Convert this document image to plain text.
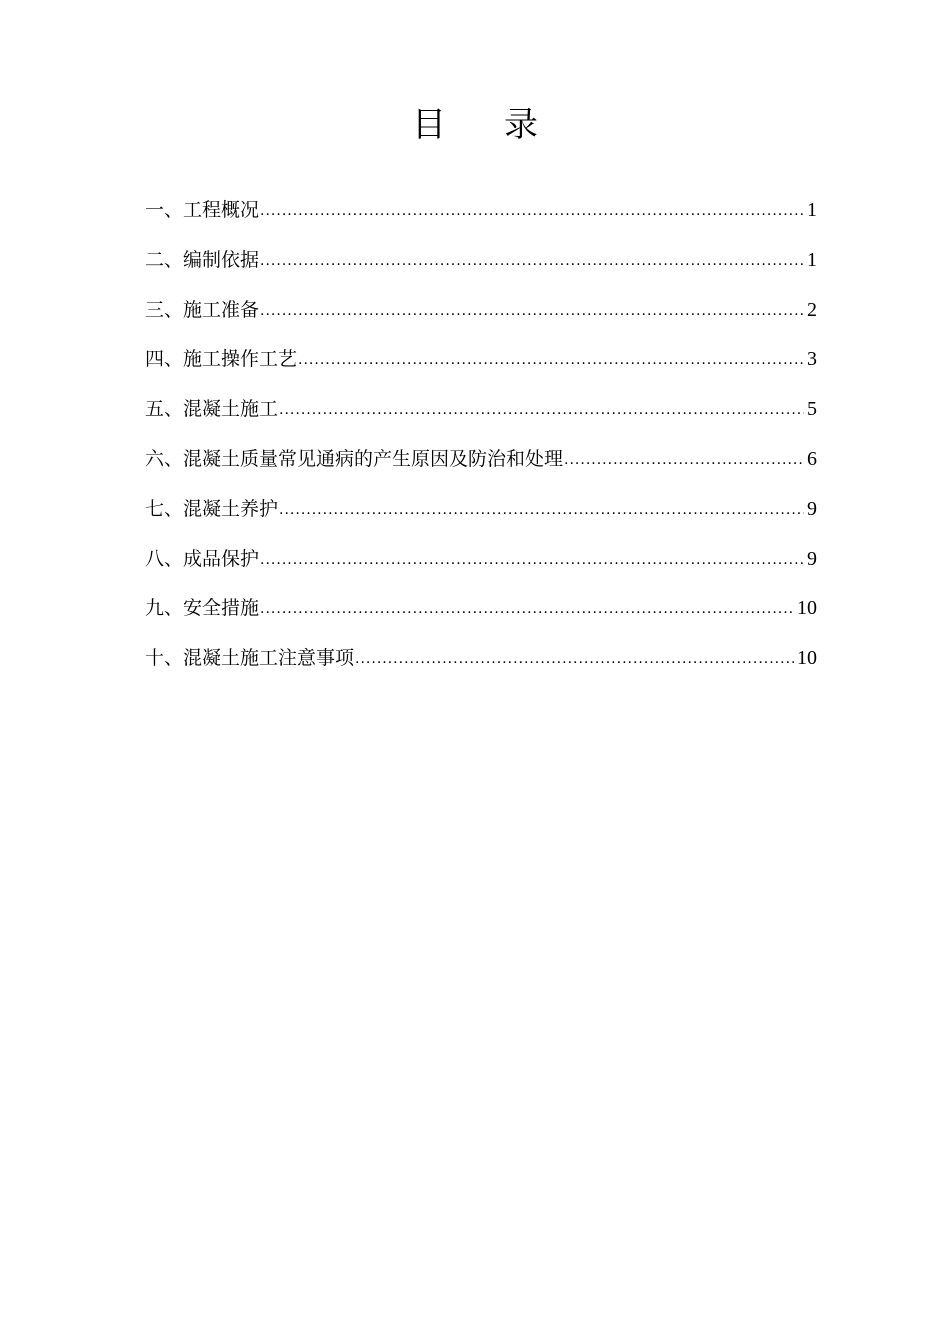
目 录
一、工程概况 .....	1
二、编制依据 .....	1
三、施工准备 .....	2
四、施工操作工艺 .....	3
五、混凝土施工 .....	5
六、混凝土质量常见通病的产生原因及防治和处理 .....	6
七、混凝土养护 .....	9
八、成品保护 .....	9
九、安全措施 .....	10
十、混凝土施工注意事项 .....	10
